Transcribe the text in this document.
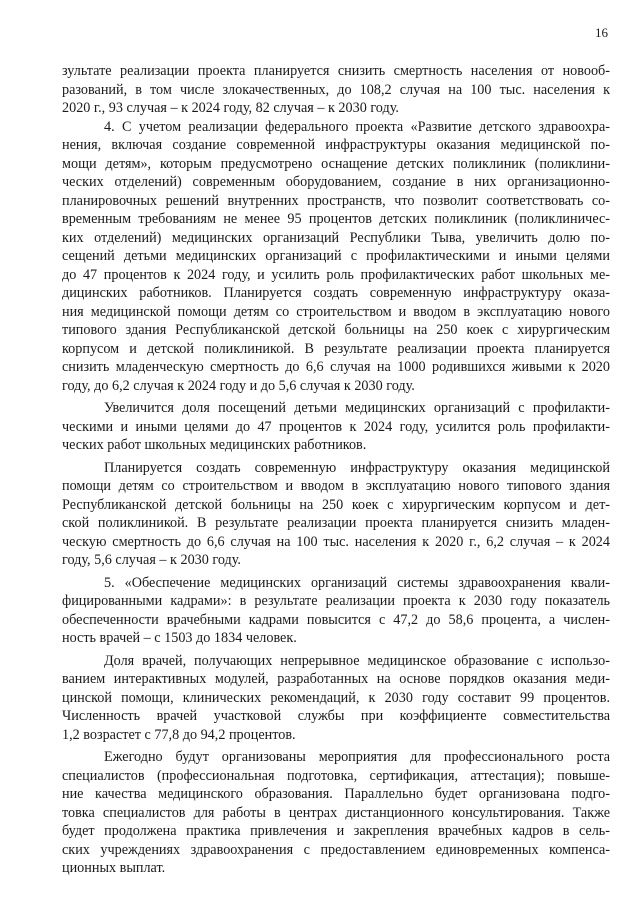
16
зультате реализации проекта планируется снизить смертность населения от новооб-
разований, в том числе злокачественных, до 108,2 случая на 100 тыс. населения к
2020 г., 93 случая – к 2024 году, 82 случая – к 2030 году.
4. С учетом реализации федерального проекта «Развитие детского здравоохра-
нения, включая создание современной инфраструктуры оказания медицинской по-
мощи детям», которым предусмотрено оснащение детских поликлиник (поликлини-
ческих отделений) современным оборудованием, создание в них организационно-
планировочных решений внутренних пространств, что позволит соответствовать со-
временным требованиям не менее 95 процентов детских поликлиник (поликлиничес-
ких отделений) медицинских организаций Республики Тыва, увеличить долю по-
сещений детьми медицинских организаций с профилактическими и иными целями
до 47 процентов к 2024 году, и усилить роль профилактических работ школьных ме-
дицинских работников. Планируется создать современную инфраструктуру оказа-
ния медицинской помощи детям со строительством и вводом в эксплуатацию нового
типового здания Республиканской детской больницы на 250 коек с хирургическим
корпусом и детской поликлиникой. В результате реализации проекта планируется
снизить младенческую смертность до 6,6 случая на 1000 родившихся живыми к 2020
году, до 6,2 случая к 2024 году и до 5,6 случая к 2030 году.
Увеличится доля посещений детьми медицинских организаций с профилакти-
ческими и иными целями до 47 процентов к 2024 году, усилится роль профилакти-
ческих работ школьных медицинских работников.
Планируется создать современную инфраструктуру оказания медицинской
помощи детям со строительством и вводом в эксплуатацию нового типового здания
Республиканской детской больницы на 250 коек с хирургическим корпусом и дет-
ской поликлиникой. В результате реализации проекта планируется снизить младен-
ческую смертность до 6,6 случая на 100 тыс. населения к 2020 г., 6,2 случая – к 2024
году, 5,6 случая – к 2030 году.
5. «Обеспечение медицинских организаций системы здравоохранения квали-
фицированными кадрами»: в результате реализации проекта к 2030 году показатель
обеспеченности врачебными кадрами повысится с 47,2 до 58,6 процента, а числен-
ность врачей – с 1503 до 1834 человек.
Доля врачей, получающих непрерывное медицинское образование с использо-
ванием интерактивных модулей, разработанных на основе порядков оказания меди-
цинской помощи, клинических рекомендаций, к 2030 году составит 99 процентов.
Численность врачей участковой службы при коэффициенте совместительства
1,2 возрастет с 77,8 до 94,2 процентов.
Ежегодно будут организованы мероприятия для профессионального роста
специалистов (профессиональная подготовка, сертификация, аттестация); повыше-
ние качества медицинского образования. Параллельно будет организована подго-
товка специалистов для работы в центрах дистанционного консультирования. Также
будет продолжена практика привлечения и закрепления врачебных кадров в сель-
ских учреждениях здравоохранения с предоставлением единовременных компенса-
ционных выплат.
